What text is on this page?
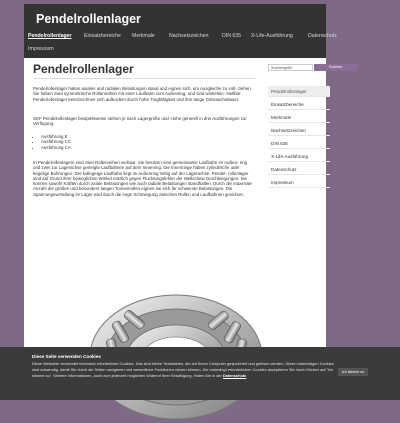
Pendelrollenlager
Pendelrollenlager Einsatzbereiche Merkmale	Nachsetzzeichen	DIN 635 X-Life-Ausführung	Datenschutz
Impressum
Pendelrollenlager
Pendelrollenlager halten axialen und radialen Belastungen stand und eignen sich, um Ausgleiche zu voll- ziehen. Sie haben zwei symmetrische Rollenreihen mit einer Laufbahn zum Außenring, und sind winkelein- stellbar. Pendelrollenlager kennzeichnen sich außerdem durch hohe Tragfähigkeit und ihre lange Gebrauchsdauer.
SKF Pendelrollenlager beispielsweise stehen je nach Lagergröße und -reihe generell in drei Ausführungen zur Verfügung:
• Ausführung E
• Ausführung CC
• Ausführung CA
In Pendelrollenlagern sind zwei Rollenreihen verbaut. Sie besitzen eine gemeinsame Laufbahn im Außen- ring und zwei zur Lagerachse geneigte Laufbahnen auf dem Innenring. Die Innenringe haben zylindrische oder kegelige Bohrungen. Der kollegeige Laufbahn liegt im Außenring mittig auf der Lagerachse. Pendel- rollenlager sind auf Grund ihrer beweglichen Winkel nützlich gegen Fluchtungsfehler der Wellschew Durchbiegungen. Sie können sowohl Kräften durch axiale Belastungen wie auch radiale Belastungen standhalten. Durch die maximale Anzahl der großen und besonders langen Tonnenrollen eignen sie sich für schwerste Belastungen. Die Spannungsverteilung im Lager wird durch die enge Schmiegung zwischen Rollen und Laufbahnen gesichert.
Suchbegriffe	Suchen
Pendelrollenlager
Einsatzbereiche
Merkmale
Nachsetzzeichen
DIN 635
X-Life-Ausführung
Datenschutz
Impressum
Diese Seite verwenden Cookies
Diese Webseite verwendet technisch erforderliche Cookies. Das sind kleine Textdateien, die auf Ihrem Computer gespeichert und gelesen werden. Diese notwendigen Cookies sind notwendig, damit Sie durch die Seiten navigieren und wesentliche Funktionen nutzen können. Die unbedingt erforderlichen Cookies akzeptieren Sie durch Klicken auf "Ich stimme zu". Weitere Informationen, auch zum jederzeit möglichen Widerruf Ihrer Einwilligung, finden Sie in der Datenschutz.
Ich stimme zu
